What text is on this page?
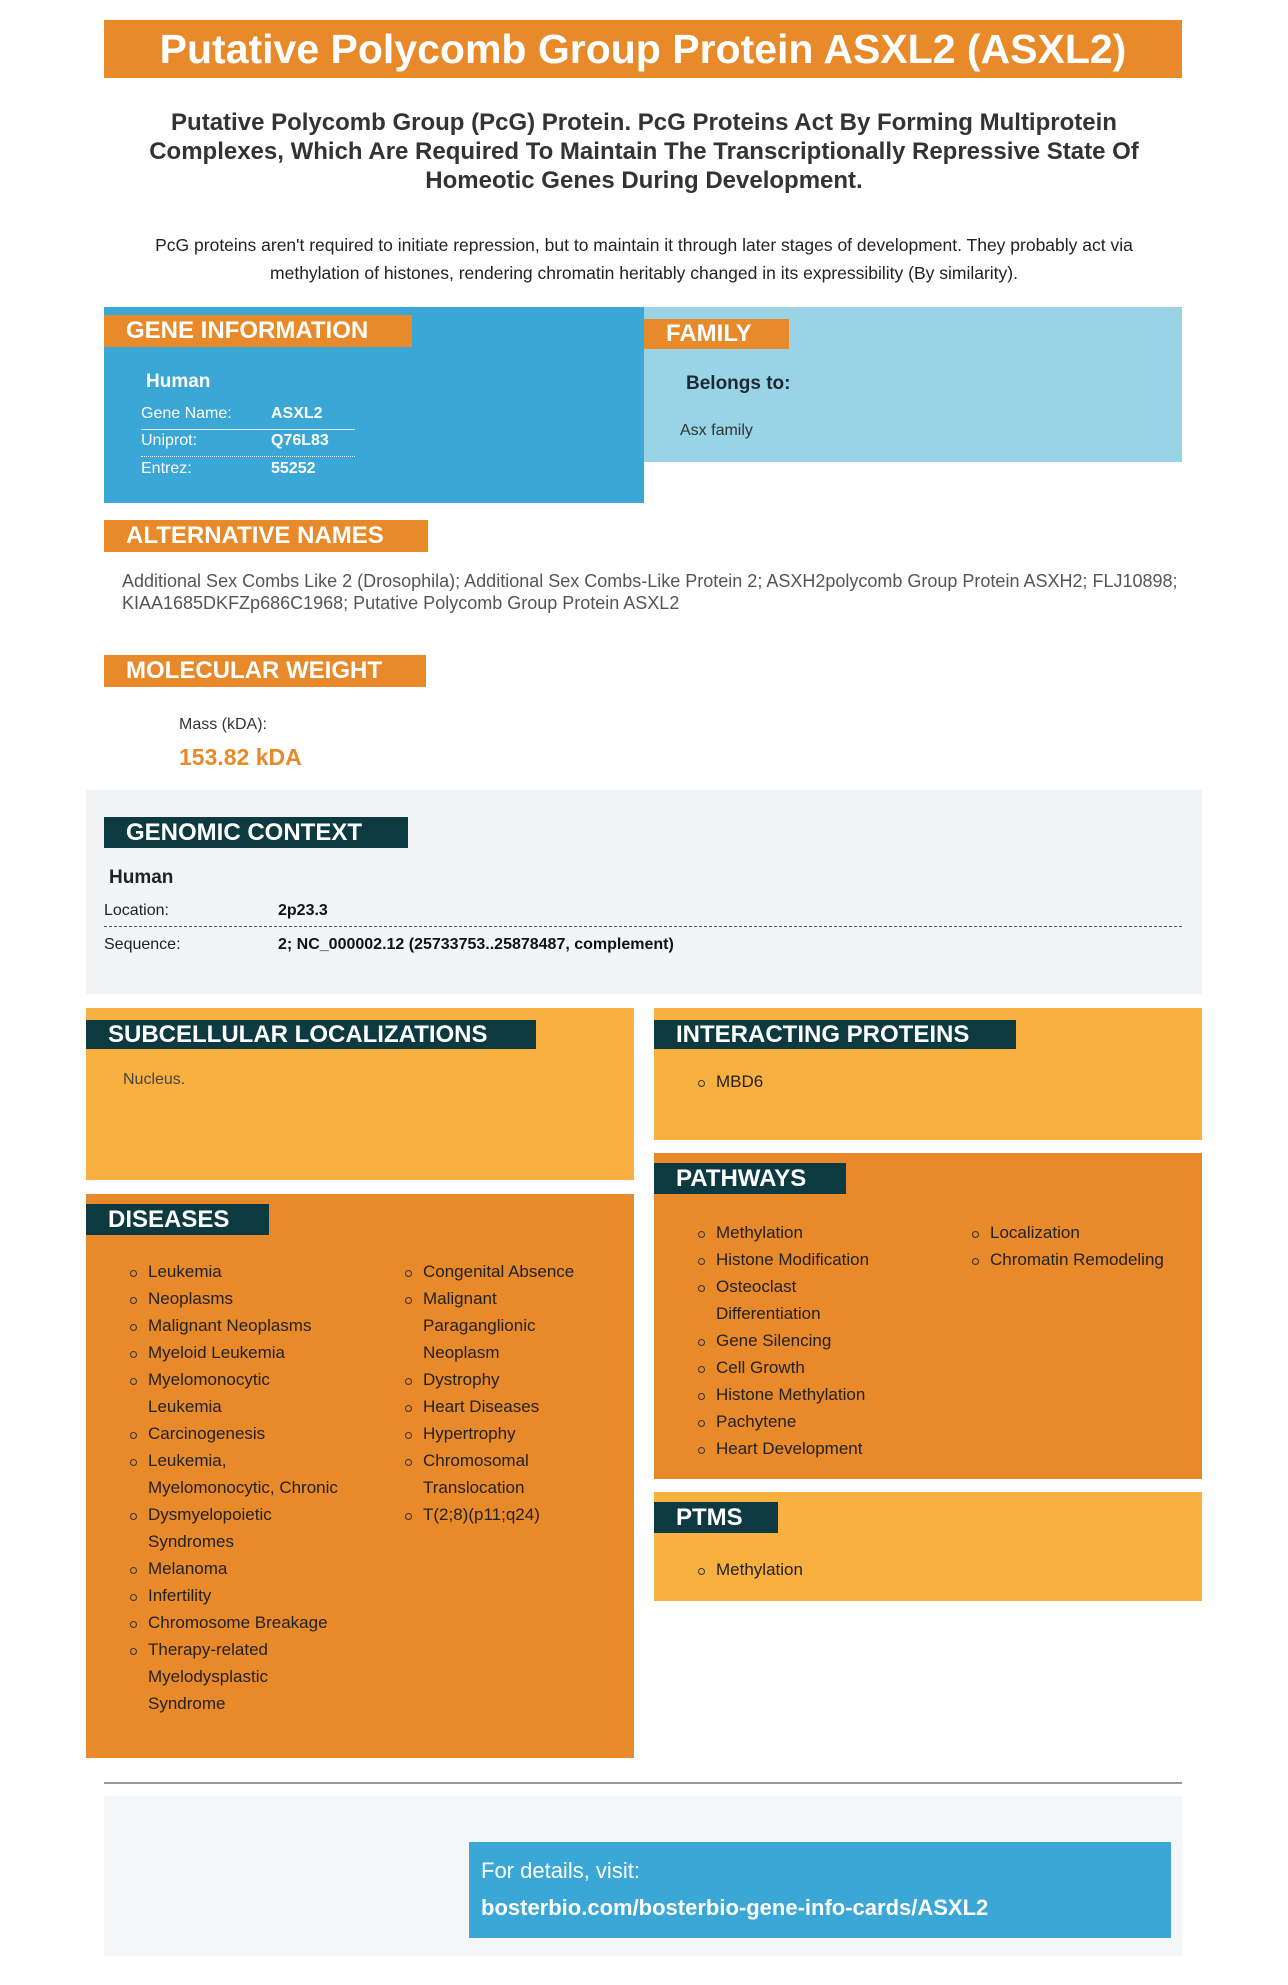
Putative Polycomb Group Protein ASXL2 (ASXL2)
Putative Polycomb Group (PcG) Protein. PcG Proteins Act By Forming Multiprotein Complexes, Which Are Required To Maintain The Transcriptionally Repressive State Of Homeotic Genes During Development.
PcG proteins aren't required to initiate repression, but to maintain it through later stages of development. They probably act via methylation of histones, rendering chromatin heritably changed in its expressibility (By similarity).
GENE INFORMATION
Human
Gene Name: ASXL2
Uniprot:	Q76L83
Entrez:	55252
FAMILY
Belongs to:
Asx family
ALTERNATIVE NAMES
Additional Sex Combs Like 2 (Drosophila); Additional Sex Combs-Like Protein 2; ASXH2polycomb Group Protein ASXH2; FLJ10898; KIAA1685DKFZp686C1968; Putative Polycomb Group Protein ASXL2
MOLECULAR WEIGHT
Mass (kDA):
153.82 kDA
GENOMIC CONTEXT
Human
Location:	2p23.3
Sequence:	2; NC_000002.12 (25733753..25878487, complement)
SUBCELLULAR LOCALIZATIONS
Nucleus.
INTERACTING PROTEINS
MBD6
DISEASES
Leukemia
Neoplasms
Malignant Neoplasms
Myeloid Leukemia
Myelomonocytic Leukemia
Carcinogenesis
Leukemia, Myelomonocytic, Chronic
Dysmyelopoietic Syndromes
Melanoma
Infertility
Chromosome Breakage
Therapy-related Myelodysplastic Syndrome
Congenital Absence
Malignant Paraganglionic Neoplasm
Dystrophy
Heart Diseases
Hypertrophy
Chromosomal Translocation
T(2;8)(p11;q24)
PATHWAYS
Methylation
Histone Modification
Osteoclast Differentiation
Gene Silencing
Cell Growth
Histone Methylation
Pachytene
Heart Development
Localization
Chromatin Remodeling
PTMS
Methylation
For details, visit:
bosterbio.com/bosterbio-gene-info-cards/ASXL2
